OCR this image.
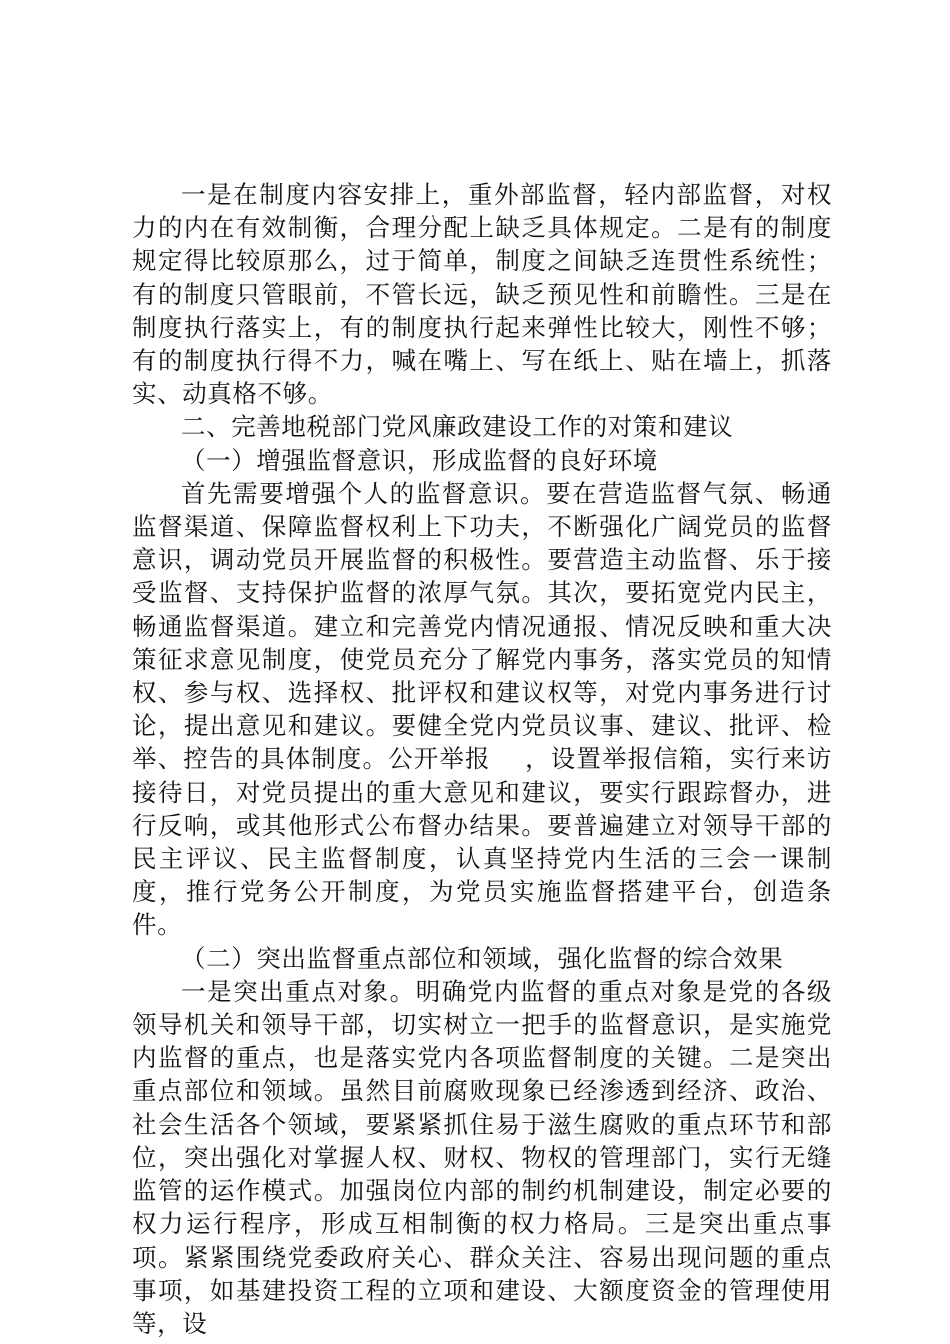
一是在制度内容安排上，重外部监督，轻内部监督，对权力的内在有效制衡，合理分配上缺乏具体规定。二是有的制度规定得比较原那么，过于简单，制度之间缺乏连贯性系统性；有的制度只管眼前，不管长远，缺乏预见性和前瞻性。三是在制度执行落实上，有的制度执行起来弹性比较大，刚性不够；有的制度执行得不力，喊在嘴上、写在纸上、贴在墙上，抓落实、动真格不够。

二、完善地税部门党风廉政建设工作的对策和建议

（一）增强监督意识，形成监督的良好环境

首先需要增强个人的监督意识。要在营造监督气氛、畅通监督渠道、保障监督权利上下功夫，不断强化广阔党员的监督意识，调动党员开展监督的积极性。要营造主动监督、乐于接受监督、支持保护监督的浓厚气氛。其次，要拓宽党内民主，畅通监督渠道。建立和完善党内情况通报、情况反映和重大决策征求意见制度，使党员充分了解党内事务，落实党员的知情权、参与权、选择权、批评权和建议权等，对党内事务进行讨论，提出意见和建议。要健全党内党员议事、建议、批评、检举、控告的具体制度。公开举报　 ，设置举报信箱，实行来访接待日，对党员提出的重大意见和建议，要实行跟踪督办，进行反响，或其他形式公布督办结果。要普遍建立对领导干部的民主评议、民主监督制度，认真坚持党内生活的三会一课制度，推行党务公开制度，为党员实施监督搭建平台，创造条件。

（二）突出监督重点部位和领域，强化监督的综合效果

一是突出重点对象。明确党内监督的重点对象是党的各级领导机关和领导干部，切实树立一把手的监督意识，是实施党内监督的重点，也是落实党内各项监督制度的关键。二是突出重点部位和领域。虽然目前腐败现象已经渗透到经济、政治、社会生活各个领域，要紧紧抓住易于滋生腐败的重点环节和部位，突出强化对掌握人权、财权、物权的管理部门，实行无缝监管的运作模式。加强岗位内部的制约机制建设，制定必要的权力运行程序，形成互相制衡的权力格局。三是突出重点事项。紧紧围绕党委政府关心、群众关注、容易出现问题的重点事项，如基建投资工程的立项和建设、大额度资金的管理使用等，设
